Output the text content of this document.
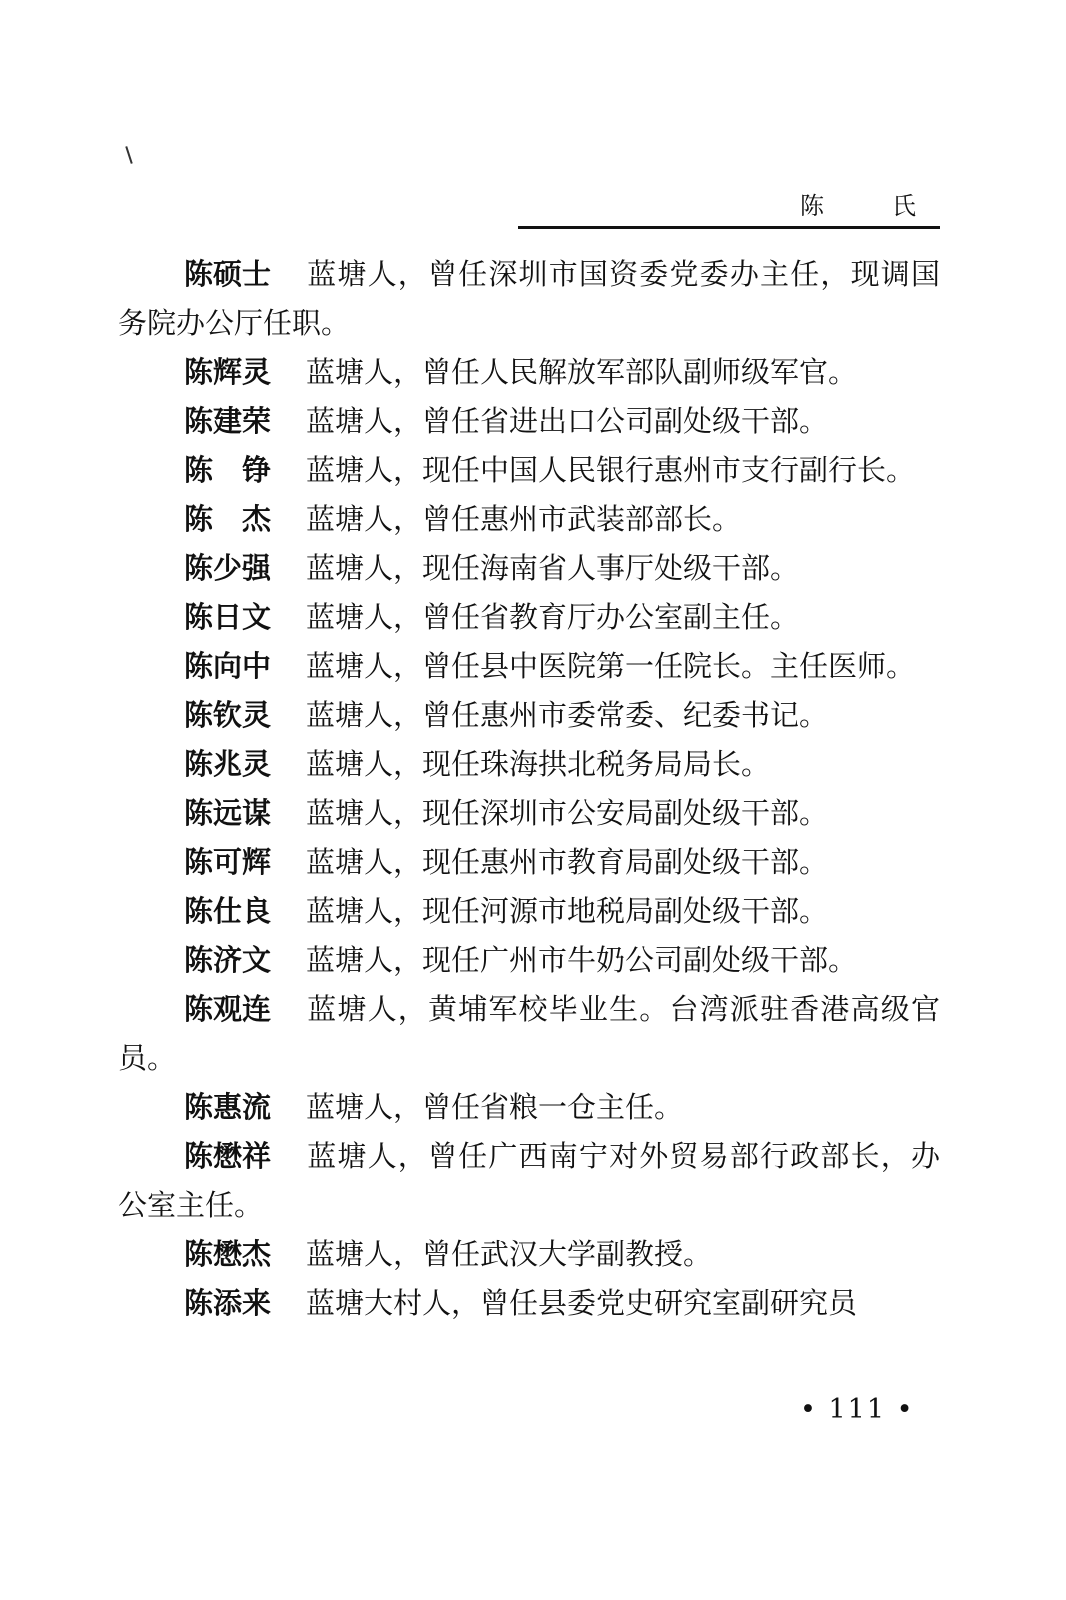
陈　氏

陈硕士 蓝塘人，曾任深圳市国资委党委办主任，现调国务院办公厅任职。

陈辉灵 蓝塘人，曾任人民解放军部队副师级军官。

陈建荣 蓝塘人，曾任省进出口公司副处级干部。

陈　铮 蓝塘人，现任中国人民银行惠州市支行副行长。

陈　杰 蓝塘人，曾任惠州市武装部部长。

陈少强 蓝塘人，现任海南省人事厅处级干部。

陈日文 蓝塘人，曾任省教育厅办公室副主任。

陈向中 蓝塘人，曾任县中医院第一任院长。主任医师。

陈钦灵 蓝塘人，曾任惠州市委常委、纪委书记。

陈兆灵 蓝塘人，现任珠海拱北税务局局长。

陈远谋 蓝塘人，现任深圳市公安局副处级干部。

陈可辉 蓝塘人，现任惠州市教育局副处级干部。

陈仕良 蓝塘人，现任河源市地税局副处级干部。

陈济文 蓝塘人，现任广州市牛奶公司副处级干部。

陈观连 蓝塘人，黄埔军校毕业生。台湾派驻香港高级官员。

陈惠流 蓝塘人，曾任省粮一仓主任。

陈懋祥 蓝塘人，曾任广西南宁对外贸易部行政部长，办公室主任。

陈懋杰 蓝塘人，曾任武汉大学副教授。

陈添来 蓝塘大村人，曾任县委党史研究室副研究员

• 111 •
